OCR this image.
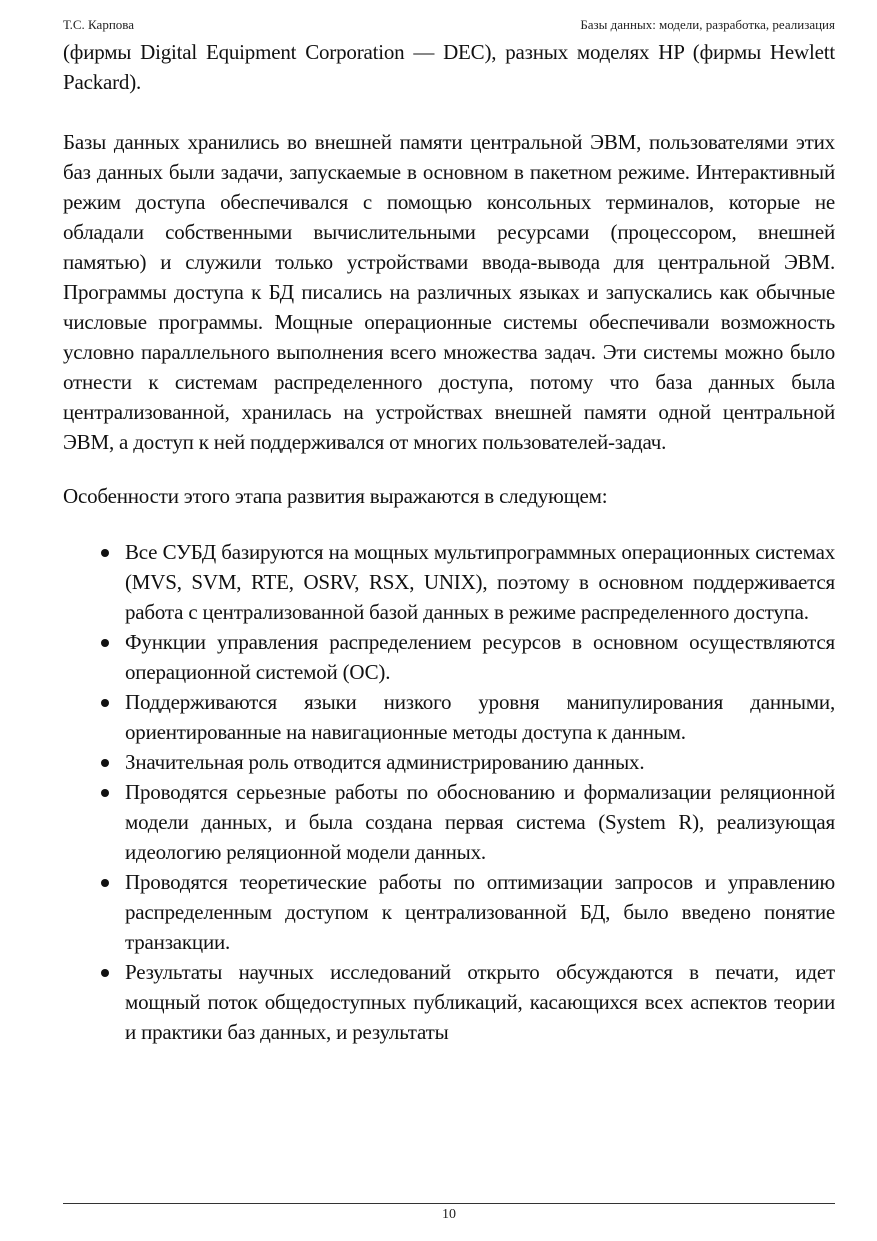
Т.С. Карпова	Базы данных: модели, разработка, реализация

(фирмы Digital Equipment Corporation — DEC), разных моделях HP (фирмы Hewlett Packard).

Базы данных хранились во внешней памяти центральной ЭВМ, пользователями этих баз данных были задачи, запускаемые в основном в пакетном режиме. Интерактивный режим доступа обеспечивался с помощью консольных терминалов, которые не обладали собственными вычислительными ресурсами (процессором, внешней памятью) и служили только устройствами ввода-вывода для центральной ЭВМ. Программы доступа к БД писались на различных языках и запускались как обычные числовые программы. Мощные операционные системы обеспечивали возможность условно параллельного выполнения всего множества задач. Эти системы можно было отнести к системам распределенного доступа, потому что база данных была централизованной, хранилась на устройствах внешней памяти одной центральной ЭВМ, а доступ к ней поддерживался от многих пользователей-задач.

Особенности этого этапа развития выражаются в следующем:

Все СУБД базируются на мощных мультипрограммных операционных системах (MVS, SVM, RTE, OSRV, RSX, UNIX), поэтому в основном поддерживается работа с централизованной базой данных в режиме распределенного доступа.
Функции управления распределением ресурсов в основном осуществляются операционной системой (ОС).
Поддерживаются языки низкого уровня манипулирования данными, ориентированные на навигационные методы доступа к данным.
Значительная роль отводится администрированию данных.
Проводятся серьезные работы по обоснованию и формализации реляционной модели данных, и была создана первая система (System R), реализующая идеологию реляционной модели данных.
Проводятся теоретические работы по оптимизации запросов и управлению распределенным доступом к централизованной БД, было введено понятие транзакции.
Результаты научных исследований открыто обсуждаются в печати, идет мощный поток общедоступных публикаций, касающихся всех аспектов теории и практики баз данных, и результаты
10
